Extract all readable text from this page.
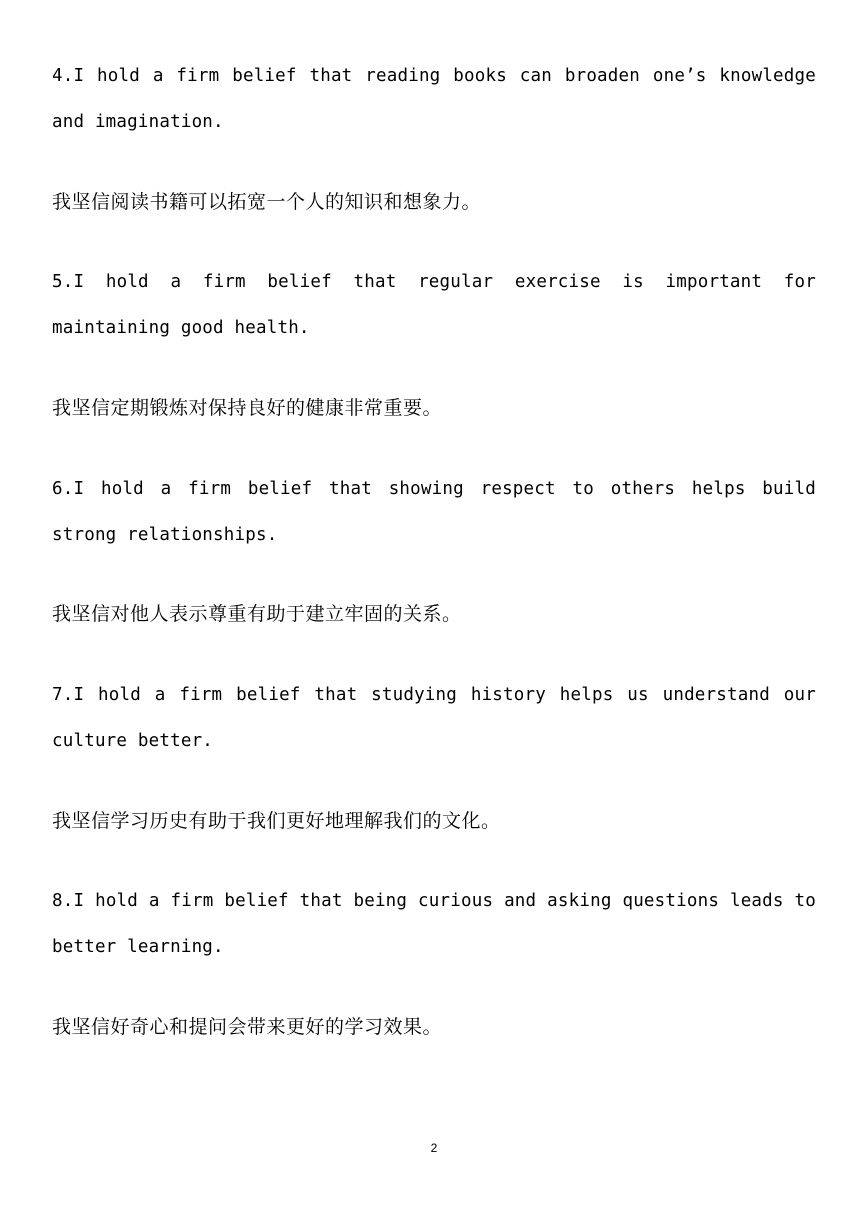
4.I hold a firm belief that reading books can broaden one’s knowledge and imagination.

我坚信阅读书籍可以拓宽一个人的知识和想象力。

5.I hold a firm belief that regular exercise is important for maintaining good health.

我坚信定期锻炼对保持良好的健康非常重要。

6.I hold a firm belief that showing respect to others helps build strong relationships.

我坚信对他人表示尊重有助于建立牢固的关系。

7.I hold a firm belief that studying history helps us understand our culture better.

我坚信学习历史有助于我们更好地理解我们的文化。

8.I hold a firm belief that being curious and asking questions leads to better learning.

我坚信好奇心和提问会带来更好的学习效果。

2
